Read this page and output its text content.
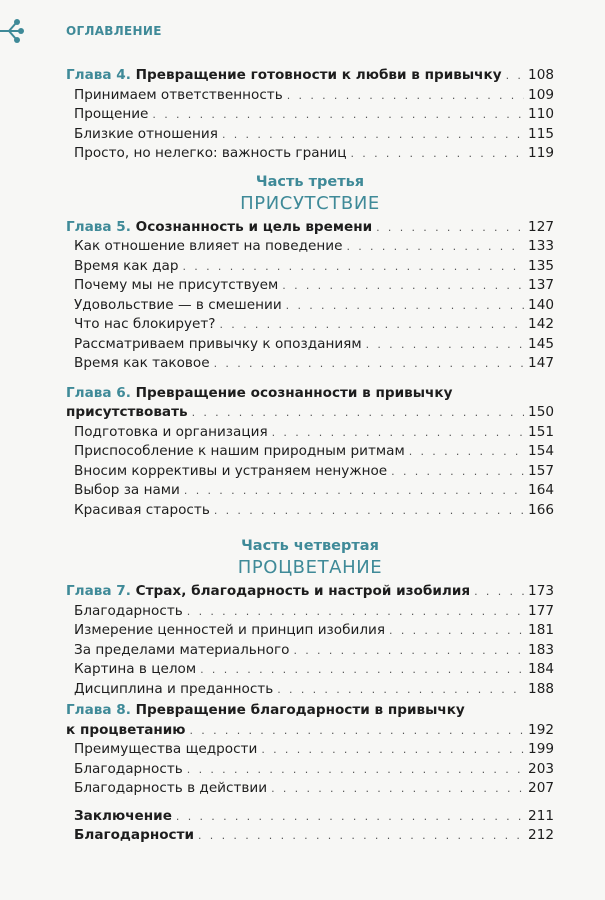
ОГЛАВЛЕНИЕ
Глава 4. Превращение готовности к любви в привычку . . . 108
Принимаем ответственность . . .	109
Прощение . . .	110
Близкие отношения . . .	115
Просто, но нелегко: важность границ . . .	119
Часть третья
ПРИСУТСТВИЕ
Глава 5. Осознанность и цель времени . . .	127
Как отношение влияет на поведение . . .	133
Время как дар . . .	135
Почему мы не присутствуем . . .	137
Удовольствие — в смешении . . .	140
Что нас блокирует? . . .	142
Рассматриваем привычку к опозданиям . . .	145
Время как таковое . . .	147
Глава 6. Превращение осознанности в привычку
присутствовать . . .	150
Подготовка и организация . . .	151
Приспособление к нашим природным ритмам . . .	154
Вносим коррективы и устраняем ненужное . . .	157
Выбор за нами . . .	164
Красивая старость . . .	166
Часть четвертая
ПРОЦВЕТАНИЕ
Глава 7. Страх, благодарность и настрой изобилия . . .	173
Благодарность . . .	177
Измерение ценностей и принцип изобилия . . .	181
За пределами материального . . .	183
Картина в целом . . .	184
Дисциплина и преданность . . .	188
Глава 8. Превращение благодарности в привычку
к процветанию . . .	192
Преимущества щедрости . . .	199
Благодарность . . .	203
Благодарность в действии . . .	207
Заключение . . .	211
Благодарности . . .	212
